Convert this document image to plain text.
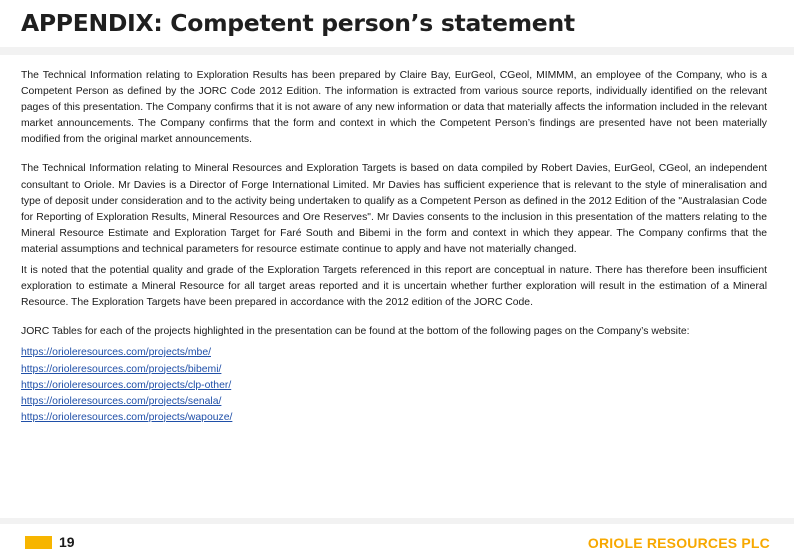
APPENDIX: Competent person’s statement

The Technical Information relating to Exploration Results has been prepared by Claire Bay, EurGeol, CGeol, MIMMM, an employee of the Company, who is a Competent Person as defined by the JORC Code 2012 Edition. The information is extracted from various source reports, individually identified on the relevant pages of this presentation. The Company confirms that it is not aware of any new information or data that materially affects the information included in the relevant market announcements. The Company confirms that the form and context in which the Competent Person’s findings are presented have not been materially modified from the original market announcements.

The Technical Information relating to Mineral Resources and Exploration Targets is based on data compiled by Robert Davies, EurGeol, CGeol, an independent consultant to Oriole. Mr Davies is a Director of Forge International Limited. Mr Davies has sufficient experience that is relevant to the style of mineralisation and type of deposit under consideration and to the activity being undertaken to qualify as a Competent Person as defined in the 2012 Edition of the "Australasian Code for Reporting of Exploration Results, Mineral Resources and Ore Reserves". Mr Davies consents to the inclusion in this presentation of the matters relating to the Mineral Resource Estimate and Exploration Target for Faré South and Bibemi in the form and context in which they appear. The Company confirms that the material assumptions and technical parameters for resource estimate continue to apply and have not materially changed.

It is noted that the potential quality and grade of the Exploration Targets referenced in this report are conceptual in nature. There has therefore been insufficient exploration to estimate a Mineral Resource for all target areas reported and it is uncertain whether further exploration will result in the estimation of a Mineral Resource. The Exploration Targets have been prepared in accordance with the 2012 edition of the JORC Code.

JORC Tables for each of the projects highlighted in the presentation can be found at the bottom of the following pages on the Company’s website:

https://orioleresources.com/projects/mbe/
https://orioleresources.com/projects/bibemi/
https://orioleresources.com/projects/clp-other/
https://orioleresources.com/projects/senala/
https://orioleresources.com/projects/wapouze/
19	ORIOLE RESOURCES PLC
